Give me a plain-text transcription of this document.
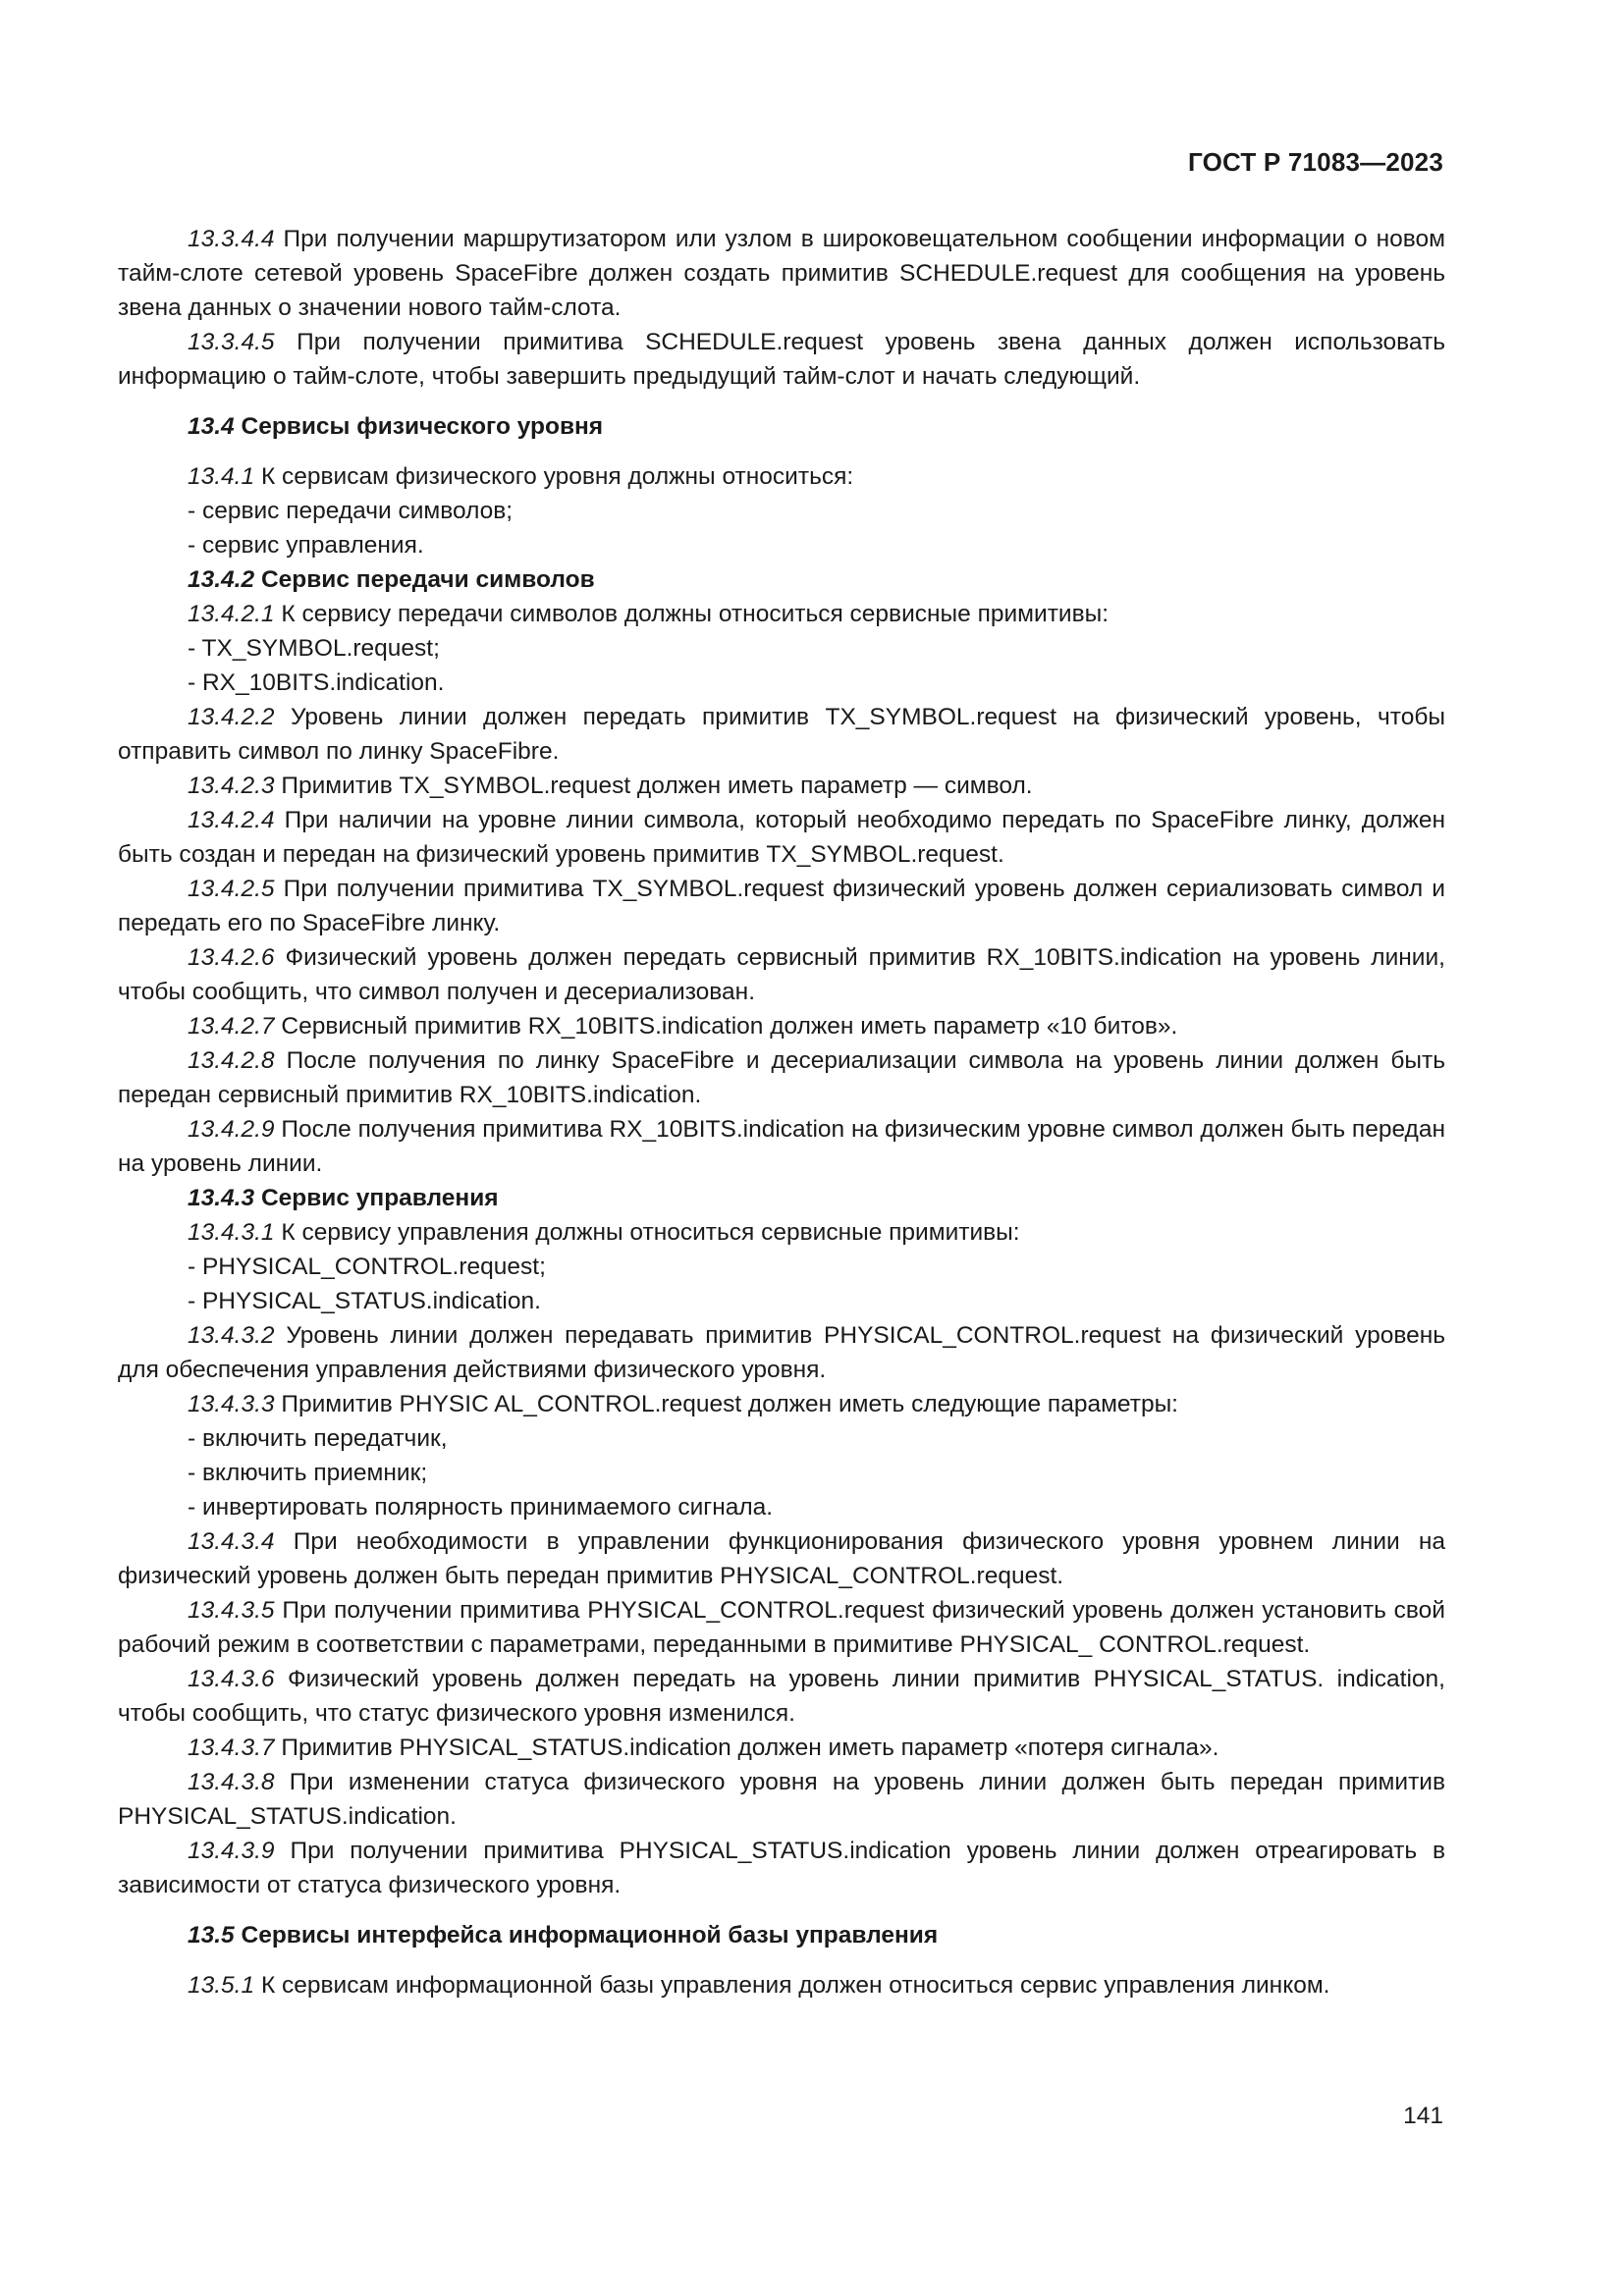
ГОСТ Р 71083—2023

13.3.4.4 При получении маршрутизатором или узлом в широковещательном сообщении информации о новом тайм-слоте сетевой уровень SpaceFibre должен создать примитив SCHEDULE.request для сообщения на уровень звена данных о значении нового тайм-слота.

13.3.4.5 При получении примитива SCHEDULE.request уровень звена данных должен использовать информацию о тайм-слоте, чтобы завершить предыдущий тайм-слот и начать следующий.

13.4 Сервисы физического уровня

13.4.1 К сервисам физического уровня должны относиться:

- сервис передачи символов;

- сервис управления.

13.4.2 Сервис передачи символов

13.4.2.1 К сервису передачи символов должны относиться сервисные примитивы:

- TX_SYMBOL.request;

- RX_10BITS.indication.

13.4.2.2 Уровень линии должен передать примитив TX_SYMBOL.request на физический уровень, чтобы отправить символ по линку SpaceFibre.

13.4.2.3 Примитив TX_SYMBOL.request должен иметь параметр — символ.

13.4.2.4 При наличии на уровне линии символа, который необходимо передать по SpaceFibre линку, должен быть создан и передан на физический уровень примитив TX_SYMBOL.request.

13.4.2.5 При получении примитива TX_SYMBOL.request физический уровень должен сериализовать символ и передать его по SpaceFibre линку.

13.4.2.6 Физический уровень должен передать сервисный примитив RX_10BITS.indication на уровень линии, чтобы сообщить, что символ получен и десериализован.

13.4.2.7 Сервисный примитив RX_10BITS.indication должен иметь параметр «10 битов».

13.4.2.8 После получения по линку SpaceFibre и десериализации символа на уровень линии должен быть передан сервисный примитив RX_10BITS.indication.

13.4.2.9 После получения примитива RX_10BITS.indication на физическим уровне символ должен быть передан на уровень линии.

13.4.3 Сервис управления

13.4.3.1 К сервису управления должны относиться сервисные примитивы:

- PHYSICAL_CONTROL.request;

- PHYSICAL_STATUS.indication.

13.4.3.2 Уровень линии должен передавать примитив PHYSICAL_CONTROL.request на физический уровень для обеспечения управления действиями физического уровня.

13.4.3.3 Примитив PHYSIC AL_CONTROL.request должен иметь следующие параметры:

- включить передатчик,

- включить приемник;

- инвертировать полярность принимаемого сигнала.

13.4.3.4 При необходимости в управлении функционирования физического уровня уровнем линии на физический уровень должен быть передан примитив PHYSICAL_CONTROL.request.

13.4.3.5 При получении примитива PHYSICAL_CONTROL.request физический уровень должен установить свой рабочий режим в соответствии с параметрами, переданными в примитиве PHYSICAL_ CONTROL.request.

13.4.3.6 Физический уровень должен передать на уровень линии примитив PHYSICAL_STATUS. indication, чтобы сообщить, что статус физического уровня изменился.

13.4.3.7 Примитив PHYSICAL_STATUS.indication должен иметь параметр «потеря сигнала».

13.4.3.8 При изменении статуса физического уровня на уровень линии должен быть передан примитив PHYSICAL_STATUS.indication.

13.4.3.9 При получении примитива PHYSICAL_STATUS.indication уровень линии должен отреагировать в зависимости от статуса физического уровня.

13.5 Сервисы интерфейса информационной базы управления

13.5.1 К сервисам информационной базы управления должен относиться сервис управления линком.

141
